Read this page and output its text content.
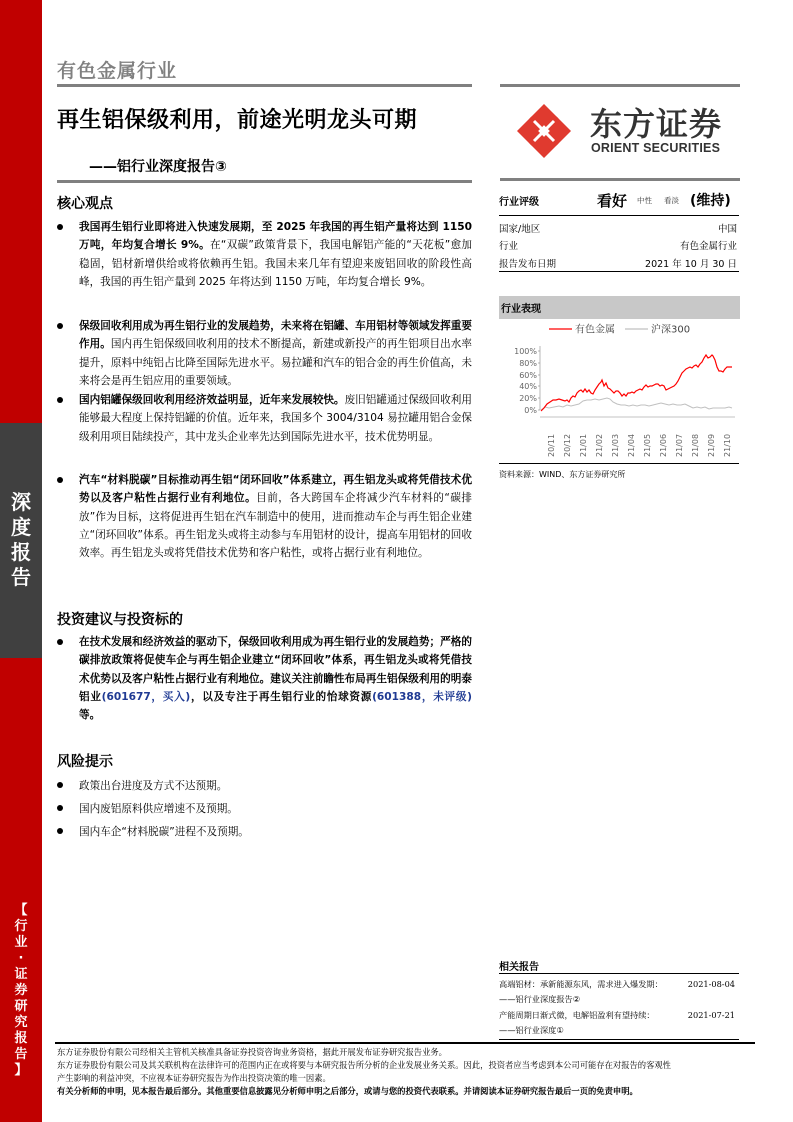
深
度
报
告
【
行
业
·
证
券
研
究
报
告
】
有色金属行业
再生铝保级利用，前途光明龙头可期
——铝行业深度报告③
东方证券
ORIENT SECURITIES
行业评级	看好 中性 看淡 (维持)
国家/地区	中国
行业	有色金属行业
报告发布日期	2021 年 10 月 30 日
行业表现
有色金属	沪深300
0%
20%
40%
60%
80%
100%
20/11 20/12 21/01 21/02 21/03 21/04 21/05 21/06 21/07 21/08 21/09 21/10
资料来源：WIND、东方证券研究所
核心观点
我国再生铝行业即将进入快速发展期，至 2025 年我国的再生铝产量将达到 1150 万吨，年均复合增长 9%。在“双碳”政策背景下，我国电解铝产能的“天花板”愈加稳固，铝材新增供给或将依赖再生铝。我国未来几年有望迎来废铝回收的阶段性高峰，我国的再生铝产量到 2025 年将达到 1150 万吨，年均复合增长 9%。
保级回收利用成为再生铝行业的发展趋势，未来将在铝罐、车用铝材等领域发挥重要作用。国内再生铝保级回收利用的技术不断提高，新建或新投产的再生铝项目出水率提升，原料中纯铝占比降至国际先进水平。易拉罐和汽车的铝合金的再生价值高，未来将会是再生铝应用的重要领域。
国内铝罐保级回收利用经济效益明显，近年来发展较快。废旧铝罐通过保级回收利用能够最大程度上保持铝罐的价值。近年来，我国多个 3004/3104 易拉罐用铝合金保级利用项目陆续投产，其中龙头企业率先达到国际先进水平，技术优势明显。
汽车“材料脱碳”目标推动再生铝“闭环回收”体系建立，再生铝龙头或将凭借技术优势以及客户粘性占据行业有利地位。目前，各大跨国车企将减少汽车材料的“碳排放”作为目标，这将促进再生铝在汽车制造中的使用，进而推动车企与再生铝企业建立“闭环回收”体系。再生铝龙头或将主动参与车用铝材的设计，提高车用铝材的回收效率。再生铝龙头或将凭借技术优势和客户粘性，或将占据行业有利地位。
投资建议与投资标的
在技术发展和经济效益的驱动下，保级回收利用成为再生铝行业的发展趋势；严格的碳排放政策将促使车企与再生铝企业建立“闭环回收”体系，再生铝龙头或将凭借技术优势以及客户粘性占据行业有利地位。建议关注前瞻性布局再生铝保级利用的明泰铝业(601677，买入)，以及专注于再生铝行业的怡球资源(601388，未评级)等。
风险提示
政策出台进度及方式不达预期。
国内废铝原料供应增速不及预期。
国内车企“材料脱碳”进程不及预期。
相关报告
高端铝材：承新能源东风，需求进入爆发期：	2021-08-04
——铝行业深度报告②
产能周期日渐式微，电解铝盈利有望持续：	2021-07-21
——铝行业深度①

东方证券股份有限公司经相关主管机关核准具备证券投资咨询业务资格，据此开展发布证券研究报告业务。

东方证券股份有限公司及其关联机构在法律许可的范围内正在或将要与本研究报告所分析的企业发展业务关系。因此，投资者应当考虑到本公司可能存在对报告的客观性

产生影响的利益冲突，不应视本证券研究报告为作出投资决策的唯一因素。

有关分析师的申明，见本报告最后部分。其他重要信息披露见分析师申明之后部分，或请与您的投资代表联系。并请阅读本证券研究报告最后一页的免责申明。
